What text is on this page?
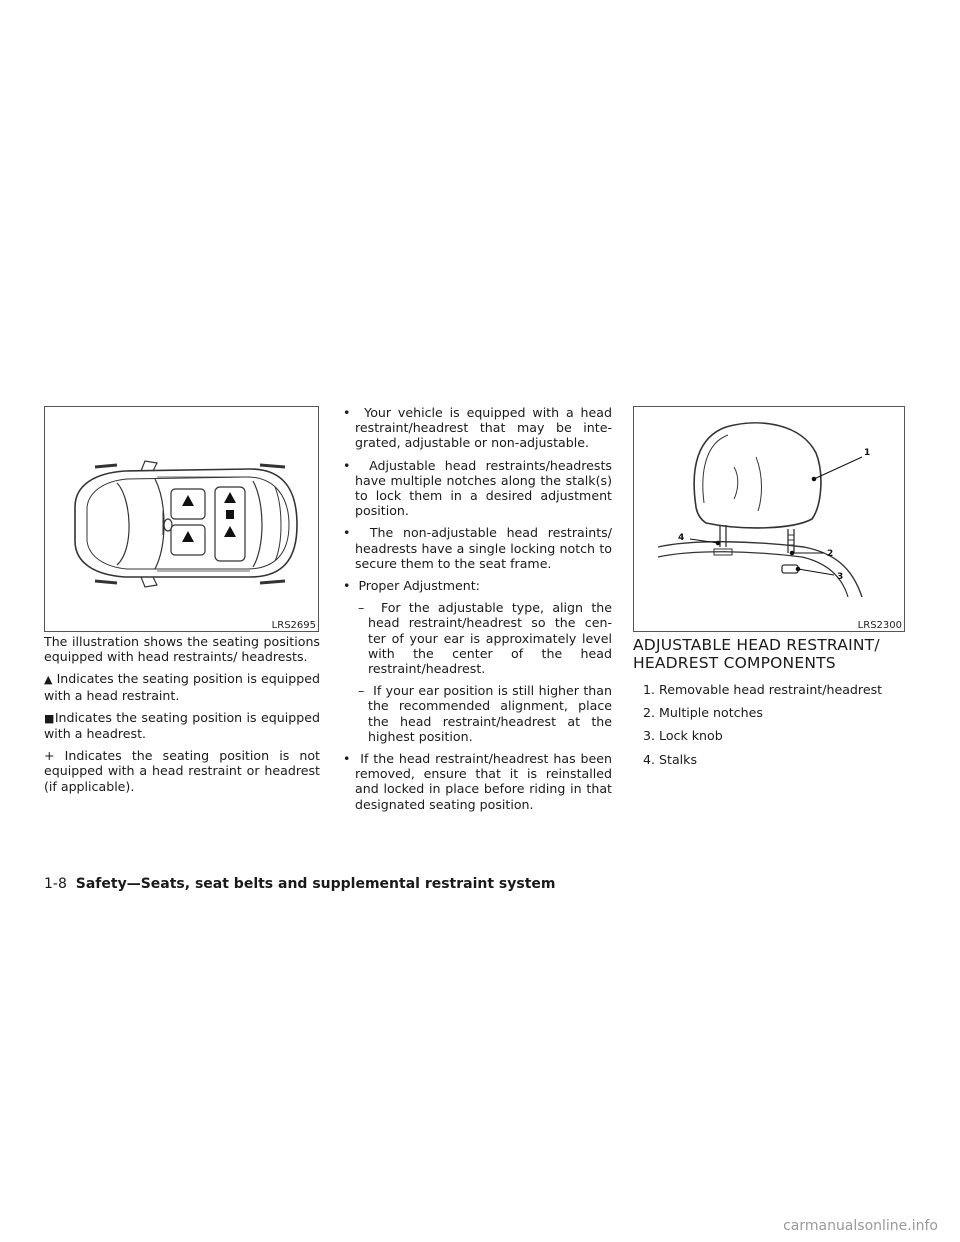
LRS2695
1
2
3
4
LRS2300

The illustration shows the seating positions equipped with head restraints/ headrests.

▲ Indicates the seating position is equipped with a head restraint.

■Indicates the seating position is equipped with a headrest.

+ Indicates the seating position is not equipped with a head restraint or headrest (if applicable).

•  Your vehicle is equipped with a head restraint/headrest that may be inte- grated, adjustable or non-adjustable.
•  Adjustable head restraints/headrests have multiple notches along the stalk(s) to lock them in a desired adjustment position.
•  The non-adjustable head restraints/ headrests have a single locking notch to secure them to the seat frame.
•  Proper Adjustment:
–  For the adjustable type, align the head restraint/headrest so the cen- ter of your ear is approximately level with the center of the head restraint/headrest.
–  If your ear position is still higher than the recommended alignment, place the head restraint/headrest at the highest position.
•  If the head restraint/headrest has been removed, ensure that it is reinstalled and locked in place before riding in that designated seating position.
ADJUSTABLE HEAD RESTRAINT/ HEADREST COMPONENTS
1. Removable head restraint/headrest
2. Multiple notches
3. Lock knob
4. Stalks
1-8 Safety—Seats, seat belts and supplemental restraint system
carmanualsonline.info
